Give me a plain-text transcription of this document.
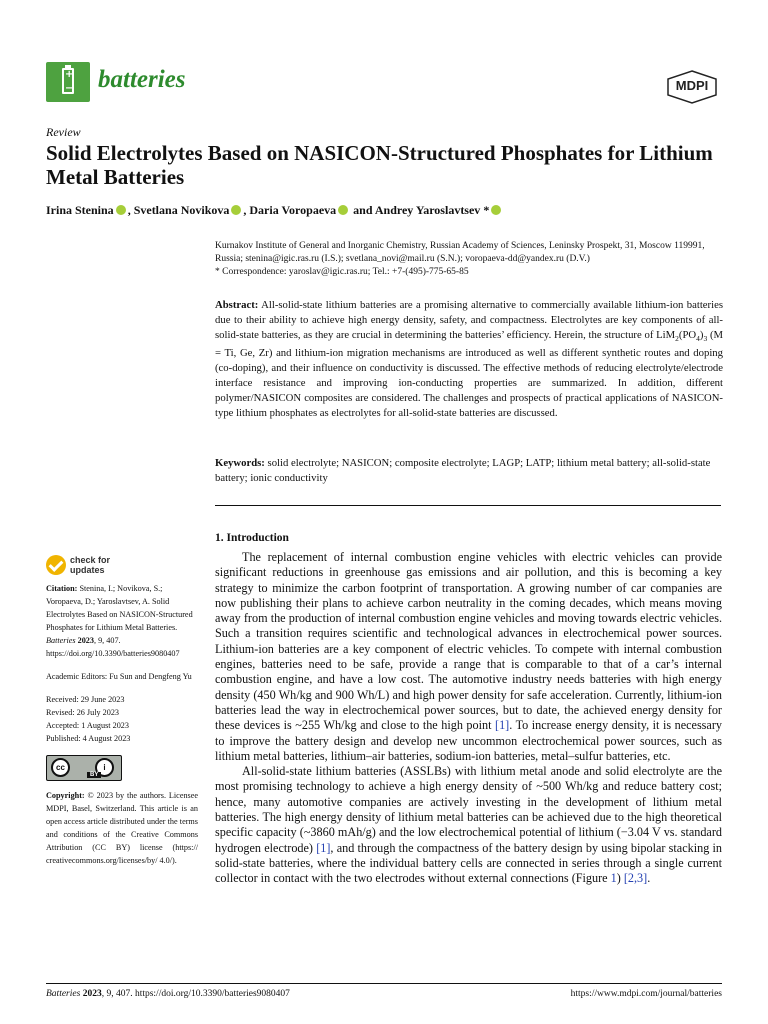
+
− batteries	MDPI
Review
Solid Electrolytes Based on NASICON-Structured Phosphates for Lithium Metal Batteries
Irina Stenina , Svetlana Novikova , Daria Voropaeva and Andrey Yaroslavtsev *
Kurnakov Institute of General and Inorganic Chemistry, Russian Academy of Sciences, Leninsky Prospekt, 31, Moscow 119991, Russia; stenina@igic.ras.ru (I.S.); svetlana_novi@mail.ru (S.N.); voropaeva-dd@yandex.ru (D.V.)
* Correspondence: yaroslav@igic.ras.ru; Tel.: +7-(495)-775-65-85
Abstract: All-solid-state lithium batteries are a promising alternative to commercially available lithium-ion batteries due to their ability to achieve high energy density, safety, and compactness. Electrolytes are key components of all-solid-state batteries, as they are crucial in determining the batteries’ efficiency. Herein, the structure of $LiM_2(PO_4)_3$ (M = Ti, Ge, Zr) and lithium-ion migration mechanisms are introduced as well as different synthetic routes and doping (co-doping), and their influence on conductivity is discussed. The effective methods of reducing electrolyte/electrode interface resistance and improving ion-conducting properties are summarized. In addition, different polymer/NASICON composites are considered. The challenges and prospects of practical applications of NASICON-type lithium phosphates as electrolytes for all-solid-state batteries are discussed.
Keywords: solid electrolyte; NASICON; composite electrolyte; LAGP; LATP; lithium metal battery; all-solid-state battery; ionic conductivity
check for
updates
Citation: Stenina, I.; Novikova, S.; Voropaeva, D.; Yaroslavtsev, A. Solid Electrolytes Based on NASICON-Structured Phosphates for Lithium Metal Batteries. Batteries 2023, 9, 407. https://doi.org/10.3390/batteries9080407
Academic Editors: Fu Sun and Dengfeng Yu
Received: 29 June 2023
Revised: 26 July 2023
Accepted: 1 August 2023
Published: 4 August 2023
cc	i
BY
Copyright: © 2023 by the authors. Licensee MDPI, Basel, Switzerland. This article is an open access article distributed under the terms and conditions of the Creative Commons Attribution (CC BY) license (https:// creativecommons.org/licenses/by/ 4.0/).
1. Introduction

The replacement of internal combustion engine vehicles with electric vehicles can provide significant reductions in greenhouse gas emissions and air pollution, and this is becoming a key strategy to minimize the carbon footprint of transportation. A growing number of car companies are now publishing their plans to achieve carbon neutrality in the coming decades, which means moving away from the production of internal combustion engine vehicles and moving towards electric vehicles. Such a transition requires scientific and technological advances in electrochemical power sources. Lithium-ion batteries are a key component of electric vehicles. To compete with internal combustion engines, batteries need to be safe, provide a range that is comparable to that of a car’s internal combustion engine, and have a low cost. The automotive industry needs batteries with high energy density (450 Wh/kg and 900 Wh/L) and high power density for safe acceleration. Currently, lithium-ion batteries lead the way in electrochemical power sources, but to date, the achieved energy density for these devices is ~255 Wh/kg and close to the high point [1]. To increase energy density, it is necessary to improve the battery design and develop new uncommon electrochemical power sources, such as lithium metal batteries, lithium–air batteries, sodium-ion batteries, metal–sulfur batteries, etc.

All-solid-state lithium batteries (ASSLBs) with lithium metal anode and solid electrolyte are the most promising technology to achieve a high energy density of ~500 Wh/kg and reduce battery cost; hence, many automotive companies are actively investing in the development of lithium metal batteries. The high energy density of lithium metal batteries can be achieved due to the high theoretical specific capacity (~3860 mAh/g) and the low electrochemical potential of lithium (−3.04 V vs. standard hydrogen electrode) [1], and through the compactness of the battery design by using bipolar stacking in solid-state batteries, where the individual battery cells are connected in series through a single current collector in contact with the two electrodes without external connections (Figure 1) [2,3].

Batteries 2023, 9, 407. https://doi.org/10.3390/batteries9080407	https://www.mdpi.com/journal/batteries
